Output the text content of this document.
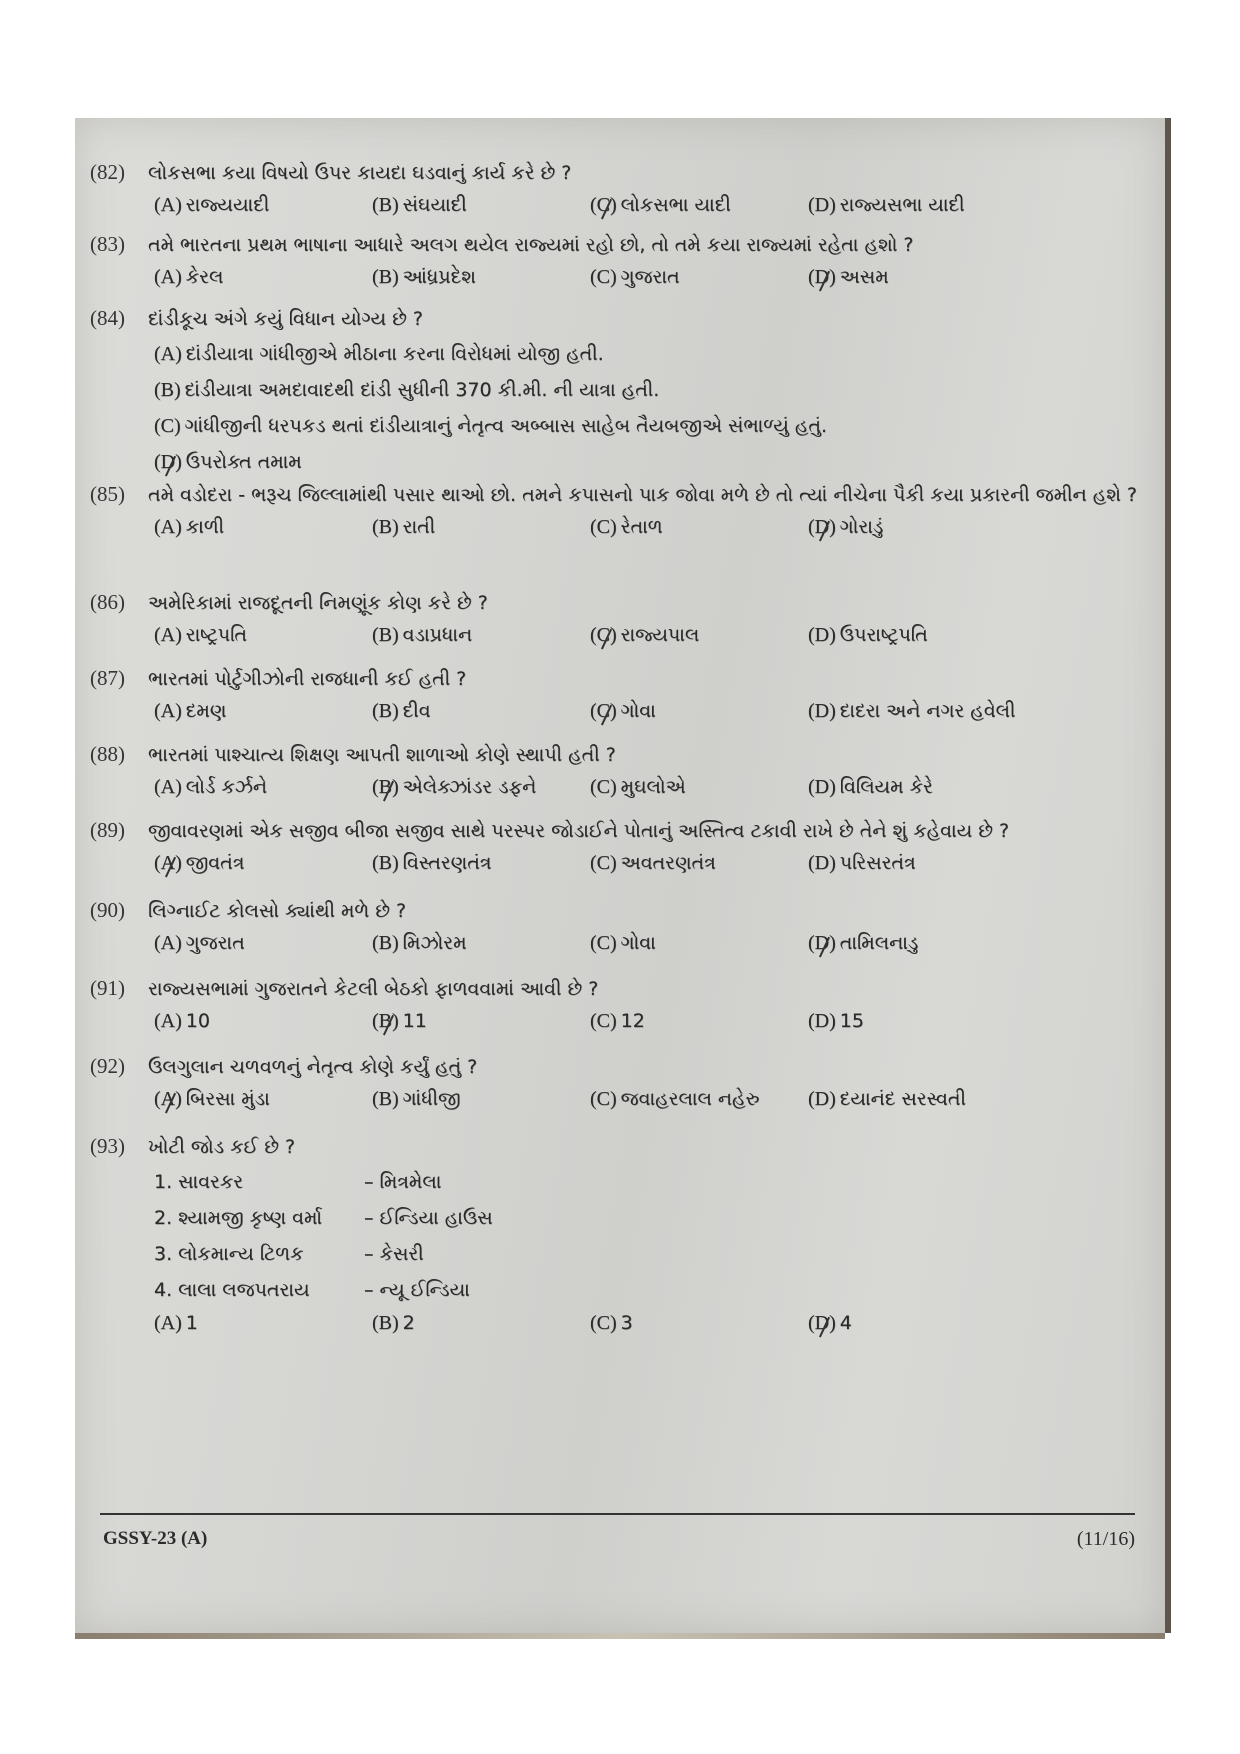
(82)	લોકસભા કયા વિષયો ઉપર કાયદા ઘડવાનું કાર્ય કરે છે ?
(A) રાજ્યયાદી	(B) સંઘયાદી	(C) લોકસભા યાદી	(D) રાજ્યસભા યાદી
(83)	તમે ભારતના પ્રથમ ભાષાના આધારે અલગ થયેલ રાજ્યમાં રહો છો, તો તમે કયા રાજ્યમાં રહેતા હશો ?
(A) કેરલ	(B) આંધ્રપ્રદેશ	(C) ગુજરાત	(D) અસમ
(84)	દાંડીકૂચ અંગે કયું વિધાન યોગ્ય છે ?
(A) દાંડીયાત્રા ગાંધીજીએ મીઠાના કરના વિરોધમાં યોજી હતી.
(B) દાંડીયાત્રા અમદાવાદથી દાંડી સુધીની 370 કી.મી. ની યાત્રા હતી.
(C) ગાંધીજીની ધરપકડ થતાં દાંડીયાત્રાનું નેતૃત્વ અબ્બાસ સાહેબ તૈયબજીએ સંભાળ્યું હતું.
(D) ઉપરોક્ત તમામ
(85)	તમે વડોદરા - ભરૂચ જિલ્લામાંથી પસાર થાઓ છો. તમને કપાસનો પાક જોવા મળે છે તો ત્યાં નીચેના પૈકી કયા પ્રકારની જમીન હશે ?
(A) કાળી	(B) રાતી	(C) રેતાળ	(D) ગોરાડું
(86)	અમેરિકામાં રાજદૂતની નિમણૂંક કોણ કરે છે ?
(A) રાષ્ટ્રપતિ	(B) વડાપ્રધાન	(C) રાજ્યપાલ	(D) ઉપરાષ્ટ્રપતિ
(87)	ભારતમાં પોર્ટુગીઝોની રાજધાની કઈ હતી ?
(A) દમણ	(B) દીવ	(C) ગોવા	(D) દાદરા અને નગર હવેલી
(88)	ભારતમાં પાશ્ચાત્ય શિક્ષણ આપતી શાળાઓ કોણે સ્થાપી હતી ?
(A) લોર્ડ કર્ઝને	(B) એલેક્ઝાંડર ડફને	(C) મુઘલોએ	(D) વિલિયમ કેરે
(89)	જીવાવરણમાં એક સજીવ બીજા સજીવ સાથે પરસ્પર જોડાઈને પોતાનું અસ્તિત્વ ટકાવી રાખે છે તેને શું કહેવાય છે ?
(A) જીવતંત્ર	(B) વિસ્તરણતંત્ર	(C) અવતરણતંત્ર	(D) પરિસરતંત્ર
(90)	લિગ્નાઈટ કોલસો ક્યાંથી મળે છે ?
(A) ગુજરાત	(B) મિઝોરમ	(C) ગોવા	(D) તામિલનાડુ
(91)	રાજ્યસભામાં ગુજરાતને કેટલી બેઠકો ફાળવવામાં આવી છે ?
(A) 10	(B) 11	(C) 12	(D) 15
(92)	ઉલગુલાન ચળવળનું નેતૃત્વ કોણે કર્યું હતું ?
(A) બિરસા મુંડા	(B) ગાંધીજી	(C) જવાહરલાલ નહેરુ	(D) દયાનંદ સરસ્વતી
(93)	ખોટી જોડ કઈ છે ?
1. સાવરકર	– મિત્રમેલા
2. શ્યામજી કૃષ્ણ વર્મા	– ઈન્ડિયા હાઉસ
3. લોકમાન્ય ટિળક	– કેસરી
4. લાલા લજપતરાય	– ન્યૂ ઈન્ડિયા
(A) 1	(B) 2	(C) 3	(D) 4
GSSY-23 (A)	(11/16)
